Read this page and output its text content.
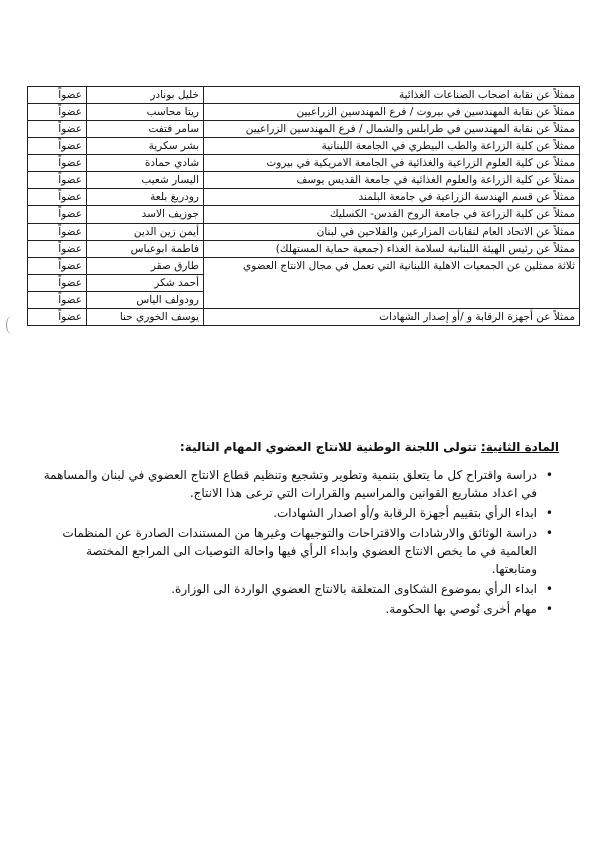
ممثلاً عن نقابة اصحاب الصناعات الغذائية	خليل بونادر	عضواً
ممثلاً عن نقابة المهندسين في بيروت / فرع المهندسين الزراعيين	ريتا محاسب	عضواً
ممثلاً عن نقابة المهندسين في طرابلس والشمال / فرع المهندسين الزراعيين	سامر فتفت	عضواً
ممثلاً عن كلية الزراعة والطب البيطري في الجامعة اللبنانية	بشر سكرية	عضواً
ممثلاً عن كلية العلوم الزراعية والغذائية في الجامعة الامريكية في بيروت	شادي حمادة	عضواً
ممثلاً عن كلية الزراعة والعلوم الغذائية في جامعة القديس يوسف	اليسار شعيب	عضواً
ممثلاً عن قسم الهندسة الزراعية في جامعة البلمند	رودريغ بلعة	عضواً
ممثلاً عن كلية الزراعة في جامعة الروح القدس- الكسليك	جوزيف الاسد	عضواً
ممثلاً عن الاتحاد العام لنقابات المزارعين والفلاحين في لبنان	أيمن زين الدين	عضواً
ممثلاً عن رئيس الهيئة اللبنانية لسلامة الغذاء (جمعية حماية المستهلك)	فاطمة ابوعباس	عضواً
ثلاثة ممثلين عن الجمعيات الاهلية اللبنانية التي تعمل في مجال الانتاج العضوي	طارق صقر	عضواً
	أحمد شكر	عضواً
	رودولف الياس	عضواً
ممثلاً عن أجهزة الرقابة و /أو إصدار الشهادات	يوسف الخوري حنا	عضواً

المادة الثانية: تتولى اللجنة الوطنية للانتاج العضوي المهام التالية:

• دراسة واقتراح كل ما يتعلق بتنمية وتطوير وتشجيع وتنظيم قطاع الانتاج العضوي في لبنان والمساهمة في اعداد مشاريع القوانين والمراسيم والقرارات التي ترعى هذا الانتاج.
• ابداء الرأي بتقييم أجهزة الرقابة و/أو اصدار الشهادات.
• دراسة الوثائق والارشادات والاقتراحات والتوجيهات وغيرها من المستندات الصادرة عن المنظمات العالمية في ما يخص الانتاج العضوي وابداء الرأي فيها واحالة التوصيات الى المراجع المختصة ومتابعتها.
• ابداء الرأي بموضوع الشكاوى المتعلقة بالانتاج العضوي الواردة الى الوزارة.
• مهام أخرى تُوصي بها الحكومة.
